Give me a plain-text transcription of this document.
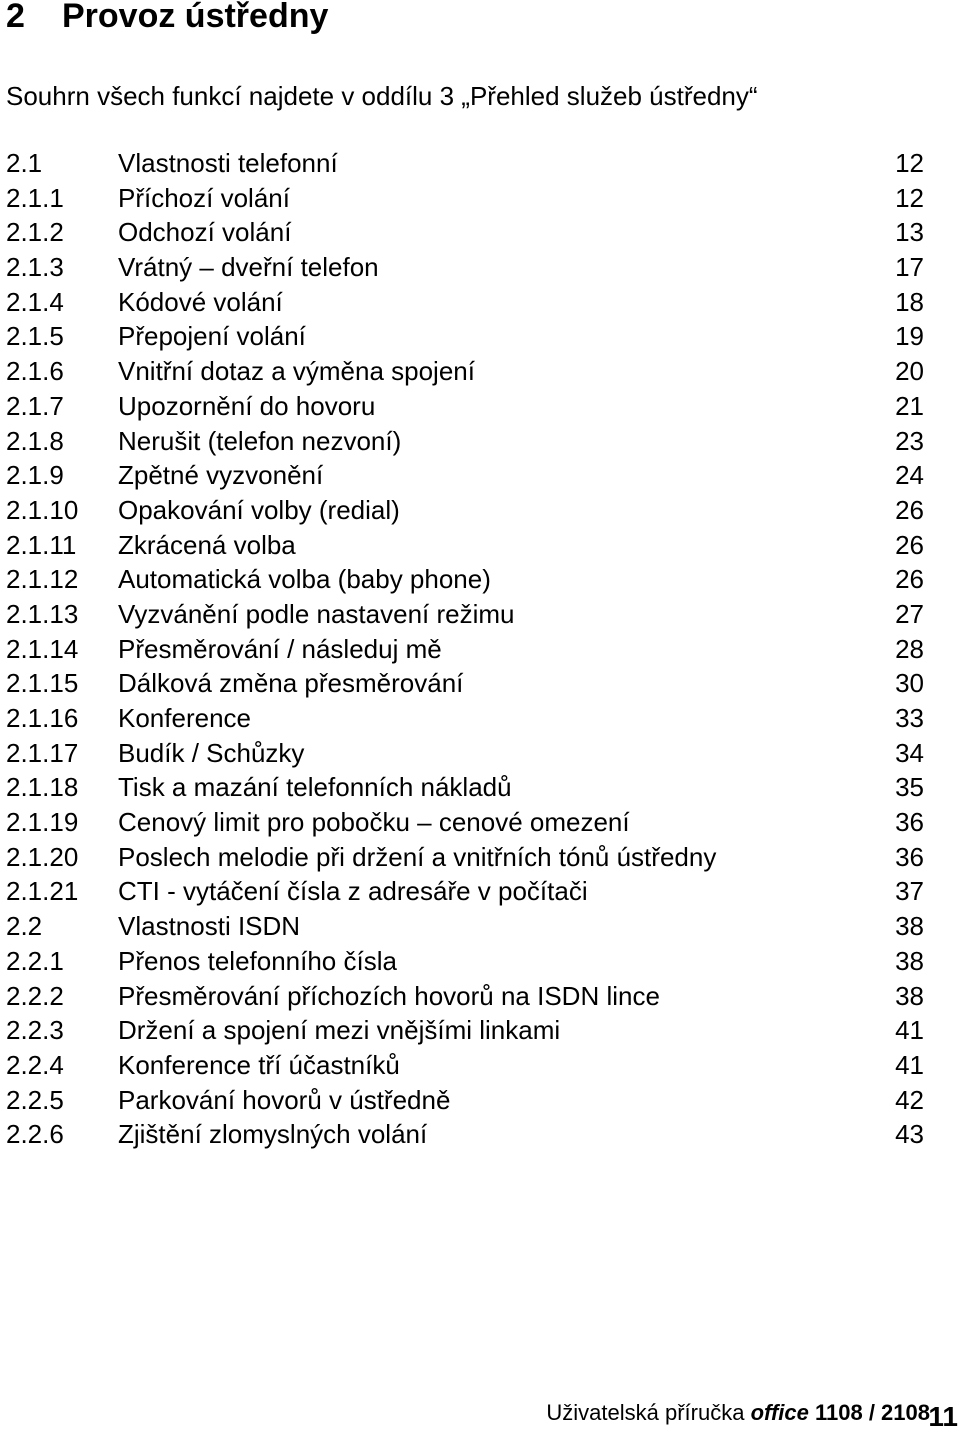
2 Provoz ústředny

Souhrn všech funkcí najdete v oddílu 3 „Přehled služeb ústředny“

2.1	Vlastnosti telefonní	12
2.1.1 Příchozí volání	12
2.1.2 Odchozí volání	13
2.1.3 Vrátný – dveřní telefon	17
2.1.4 Kódové volání	18
2.1.5 Přepojení volání	19
2.1.6 Vnitřní dotaz a výměna spojení	20
2.1.7 Upozornění do hovoru	21
2.1.8 Nerušit (telefon nezvoní)	23
2.1.9 Zpětné vyzvonění	24
2.1.10 Opakování volby (redial)	26
2.1.11 Zkrácená volba	26
2.1.12 Automatická volba (baby phone)	26
2.1.13 Vyzvánění podle nastavení režimu	27
2.1.14 Přesměrování / následuj mě	28
2.1.15 Dálková změna přesměrování	30
2.1.16 Konference	33
2.1.17 Budík / Schůzky	34
2.1.18 Tisk a mazání telefonních nákladů	35
2.1.19 Cenový limit pro pobočku – cenové omezení	36
2.1.20 Poslech melodie při držení a vnitřních tónů ústředny	36
2.1.21 CTI - vytáčení čísla z adresáře v počítači	37
2.2	Vlastnosti ISDN	38
2.2.1 Přenos telefonního čísla	38
2.2.2 Přesměrování příchozích hovorů na ISDN lince	38
2.2.3 Držení a spojení mezi vnějšími linkami	41
2.2.4 Konference tří účastníků	41
2.2.5 Parkování hovorů v ústředně	42
2.2.6 Zjištění zlomyslných volání	43
Uživatelská příručka office 1108 / 2108
11
